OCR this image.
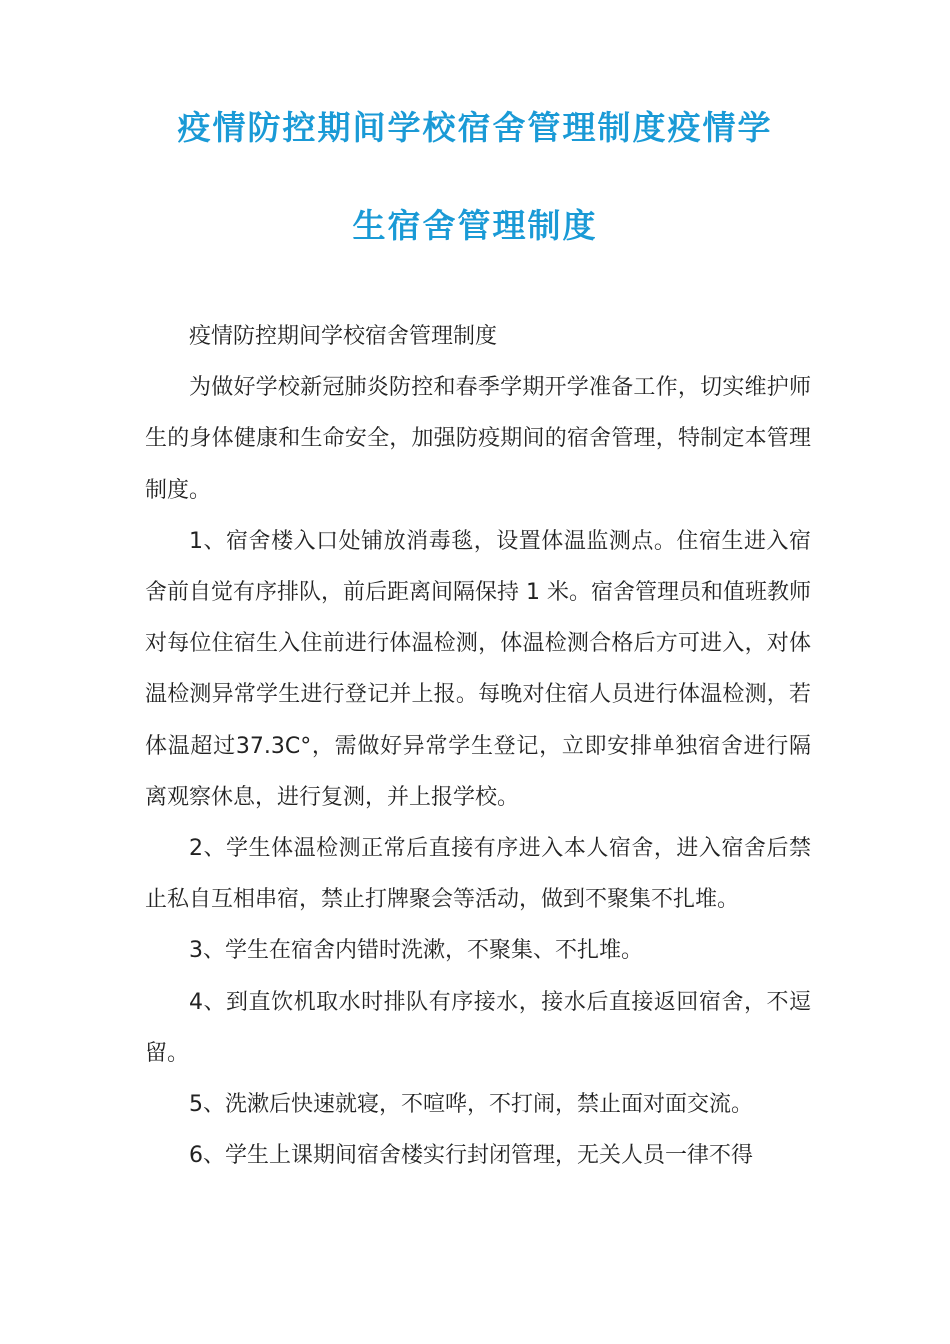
疫情防控期间学校宿舍管理制度疫情学
生宿舍管理制度

疫情防控期间学校宿舍管理制度

为做好学校新冠肺炎防控和春季学期开学准备工作，切实维护师生的身体健康和生命安全，加强防疫期间的宿舍管理，特制定本管理制度。

1、宿舍楼入口处铺放消毒毯，设置体温监测点。住宿生进入宿舍前自觉有序排队，前后距离间隔保持 1 米。宿舍管理员和值班教师对每位住宿生入住前进行体温检测，体温检测合格后方可进入，对体温检测异常学生进行登记并上报。每晚对住宿人员进行体温检测，若体温超过37.3C°，需做好异常学生登记，立即安排单独宿舍进行隔离观察休息，进行复测，并上报学校。

2、学生体温检测正常后直接有序进入本人宿舍，进入宿舍后禁止私自互相串宿，禁止打牌聚会等活动，做到不聚集不扎堆。

3、学生在宿舍内错时洗漱，不聚集、不扎堆。

4、到直饮机取水时排队有序接水，接水后直接返回宿舍，不逗留。

5、洗漱后快速就寝，不喧哗，不打闹，禁止面对面交流。

6、学生上课期间宿舍楼实行封闭管理，无关人员一律不得
